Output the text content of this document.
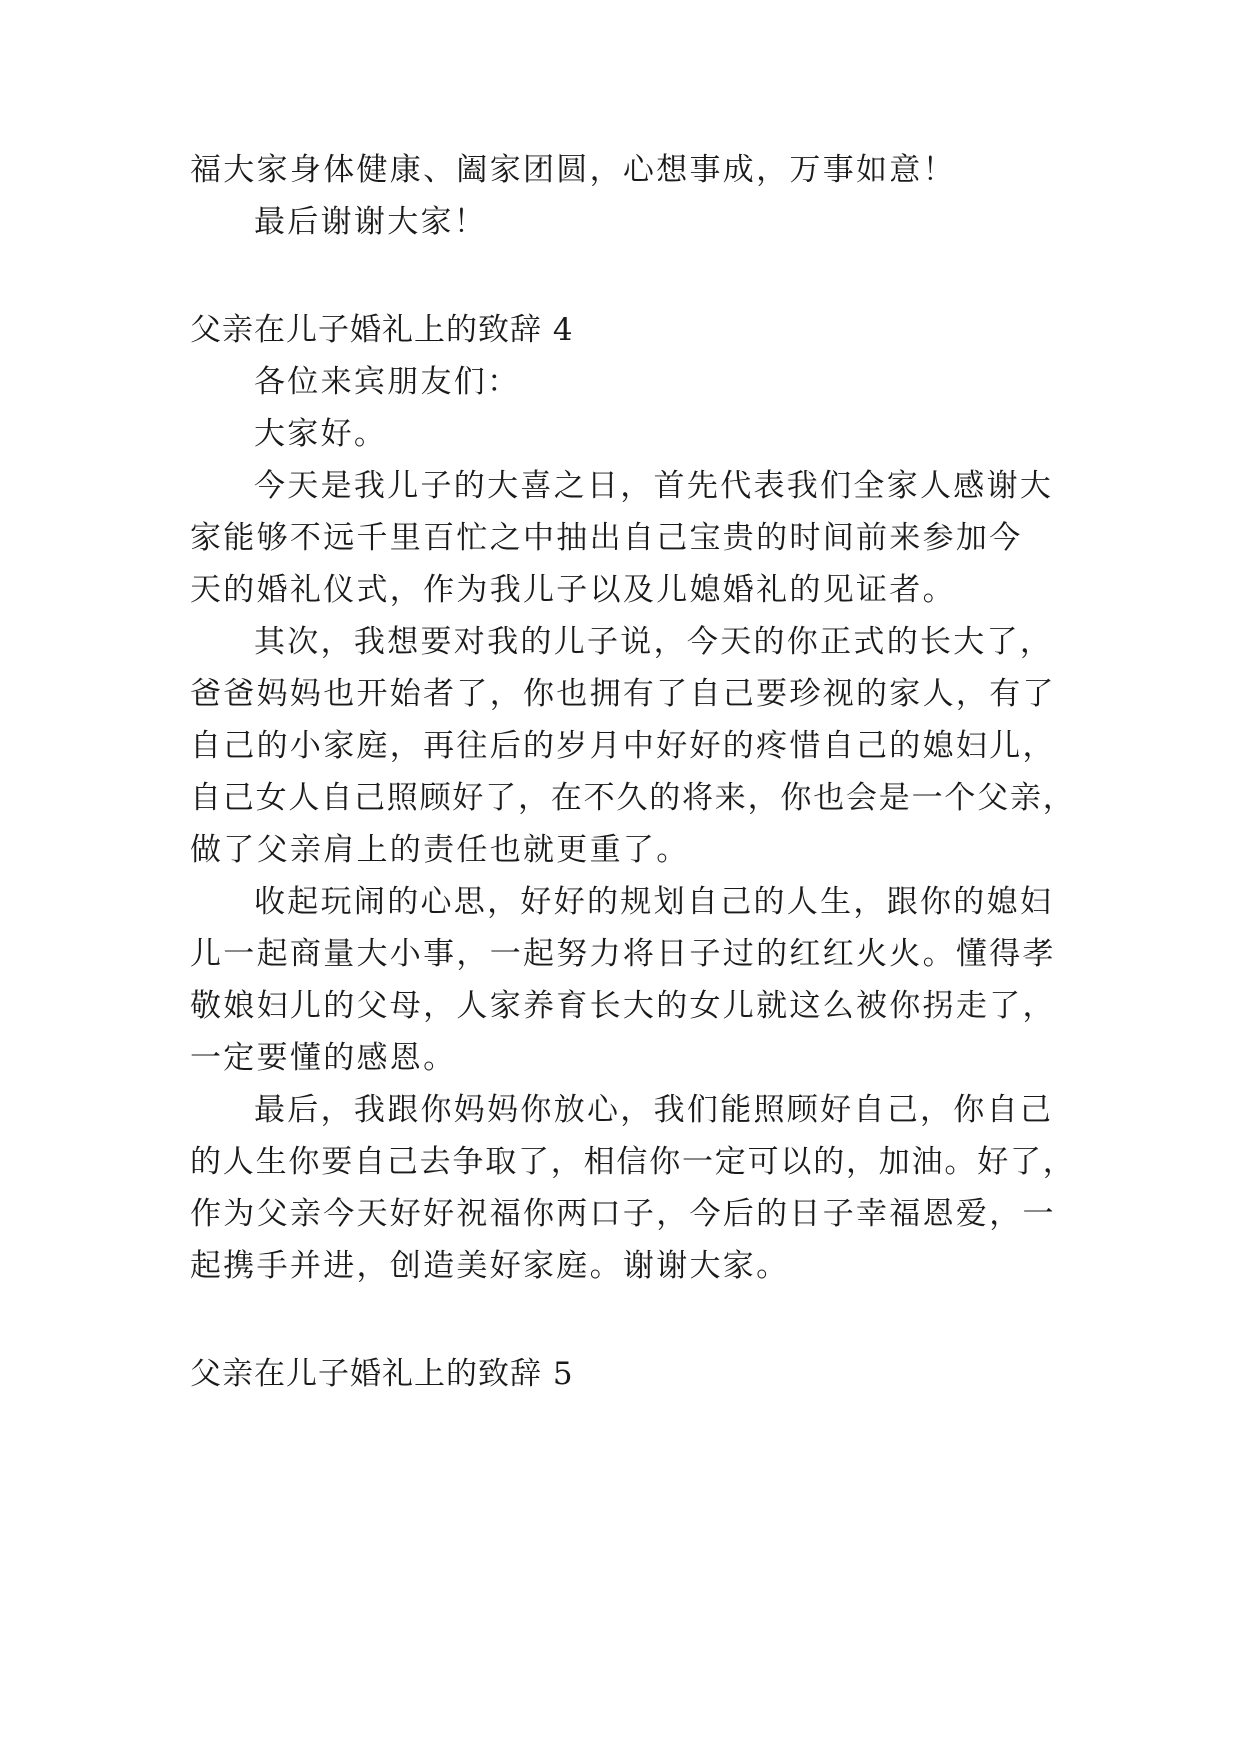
福大家身体健康、阖家团圆，心想事成，万事如意！
最后谢谢大家！
父亲在儿子婚礼上的致辞 4
各位来宾朋友们：
大家好。
今天是我儿子的大喜之日，首先代表我们全家人感谢大
家能够不远千里百忙之中抽出自己宝贵的时间前来参加今
天的婚礼仪式，作为我儿子以及儿媳婚礼的见证者。
其次，我想要对我的儿子说，今天的你正式的长大了，
爸爸妈妈也开始者了，你也拥有了自己要珍视的家人，有了
自己的小家庭，再往后的岁月中好好的疼惜自己的媳妇儿，
自己女人自己照顾好了，在不久的将来，你也会是一个父亲，
做了父亲肩上的责任也就更重了。
收起玩闹的心思，好好的规划自己的人生，跟你的媳妇
儿一起商量大小事，一起努力将日子过的红红火火。懂得孝
敬娘妇儿的父母，人家养育长大的女儿就这么被你拐走了，
一定要懂的感恩。
最后，我跟你妈妈你放心，我们能照顾好自己，你自己
的人生你要自己去争取了，相信你一定可以的，加油。好了，
作为父亲今天好好祝福你两口子，今后的日子幸福恩爱，一
起携手并进，创造美好家庭。谢谢大家。
父亲在儿子婚礼上的致辞 5
